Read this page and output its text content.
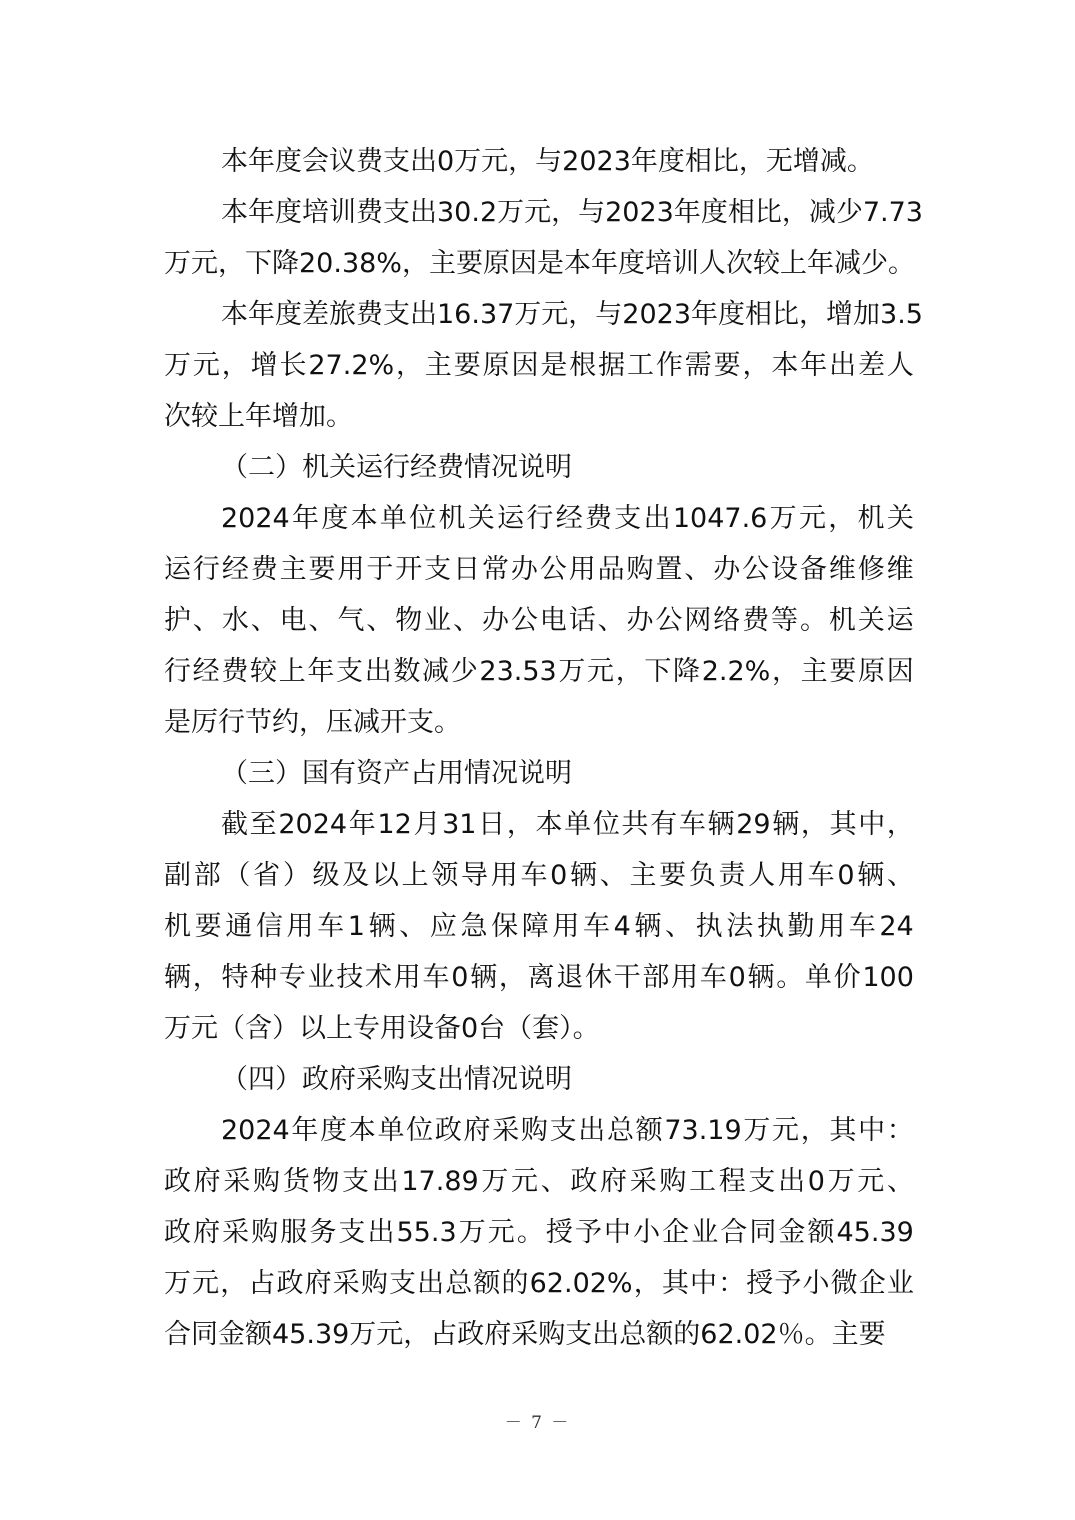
本年度会议费支出0万元，与2023年度相比，无增减。
本 年 度 培 训 费 支 出 30.2 万 元 ， 与 2023 年 度 相 比 ， 减 少 7.73
万元，下降20.38%，主要原因是本年度培训人次较上年减少。
本 年 度 差 旅 费 支 出 16.37 万 元 ， 与 2023 年 度 相 比 ， 增 加 3.5
万 元 ， 增 长 27.2% ， 主 要 原 因 是 根 据 工 作 需 要 ， 本 年 出 差 人
次较上年增加。
（二）机关运行经费情况说明
2024 年 度 本 单 位 机 关 运 行 经 费 支 出 1047.6 万 元 ， 机 关
运 行 经 费 主 要 用 于 开 支 日 常 办 公 用 品 购 置 、 办 公 设 备 维 修 维
护 、 水 、 电 、 气 、 物 业 、 办 公 电 话 、 办 公 网 络 费 等 。 机 关 运
行 经 费 较 上 年 支 出 数 减 少 23.53 万 元 ， 下 降 2.2% ， 主 要 原 因
是厉行节约，压减开支。
（三）国有资产占用情况说明
截 至 2024 年 12 月 31 日 ， 本 单 位 共 有 车 辆 29 辆 ， 其 中 ，
副 部 （ 省 ） 级 及 以 上 领 导 用 车 0 辆 、 主 要 负 责 人 用 车 0 辆 、
机 要 通 信 用 车 1 辆 、 应 急 保 障 用 车 4 辆 、 执 法 执 勤 用 车 24
辆 ， 特 种 专 业 技 术 用 车 0 辆 ， 离 退 休 干 部 用 车 0 辆 。 单 价 100
万元（含）以上专用设备0台（套）。
（四）政府采购支出情况说明
2024 年 度 本 单 位 政 府 采 购 支 出 总 额 73.19 万 元 ， 其 中 ：
政 府 采 购 货 物 支 出 17.89 万 元 、 政 府 采 购 工 程 支 出 0 万 元 、
政 府 采 购 服 务 支 出 55.3 万 元 。 授 予 中 小 企 业 合 同 金 额 45.39
万 元 ， 占 政 府 采 购 支 出 总 额 的 62.02% ， 其 中 ： 授 予 小 微 企 业
合同金额45.39万元，占政府采购支出总额的62.02％。主要
－ 7 －
